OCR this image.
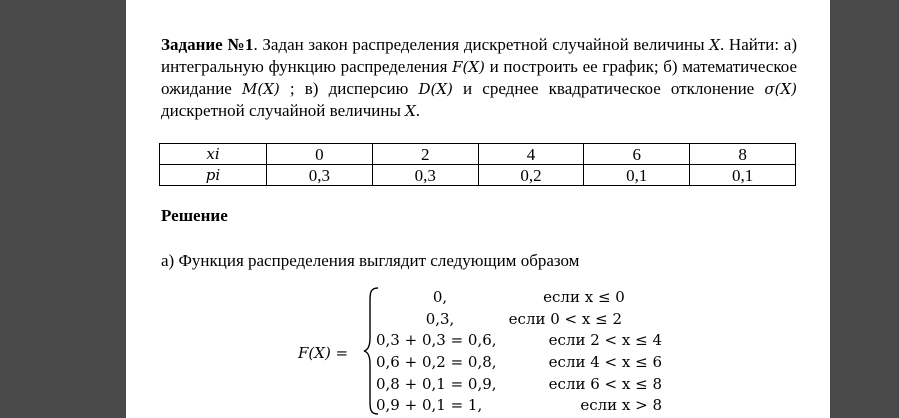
Задание №1. Задан закон распределения дискретной случайной величины X. Найти: а) интегральную функцию распределения F(X) и построить ее график; б) математическое ожидание M(X) ; в) дисперсию D(X) и среднее квадратическое отклонение σ(X) дискретной случайной величины X.
xi	0	2	4	6	8
pi	0,3	0,3	0,2	0,1	0,1
Решение
а) Функция распределения выглядит следующим образом
F(X) =
0,	если x ≤ 0
0,3,	если 0 < x ≤ 2
0,3 + 0,3 = 0,6,	если 2 < x ≤ 4
0,6 + 0,2 = 0,8,	если 4 < x ≤ 6
0,8 + 0,1 = 0,9,	если 6 < x ≤ 8
0,9 + 0,1 = 1,	если x > 8
